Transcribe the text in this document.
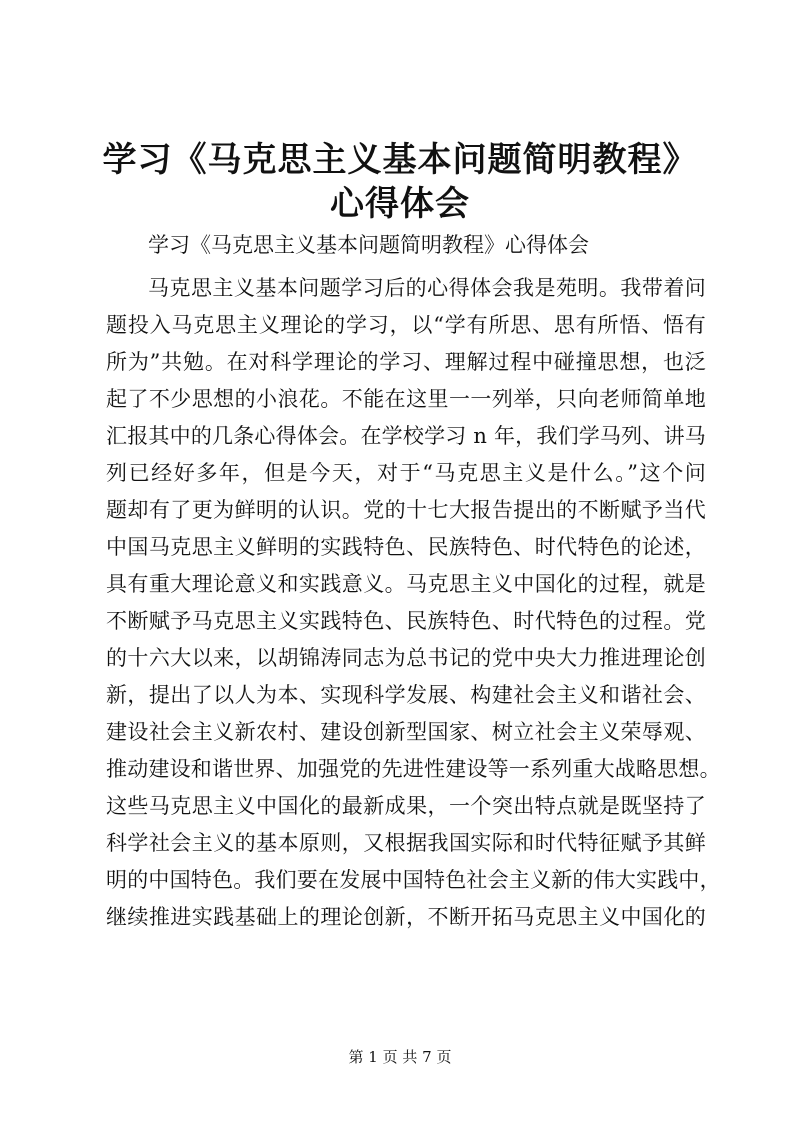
学习《马克思主义基本问题简明教程》心得体会
学习《马克思主义基本问题简明教程》心得体会
马克思主义基本问题学习后的心得体会我是苑明。我带着问
题投入马克思主义理论的学习，以“学有所思、思有所悟、悟有
所为”共勉。在对科学理论的学习、理解过程中碰撞思想，也泛
起了不少思想的小浪花。不能在这里一一列举，只向老师简单地
汇报其中的几条心得体会。在学校学习 n 年，我们学马列、讲马
列已经好多年，但是今天，对于“马克思主义是什么。”这个问
题却有了更为鲜明的认识。党的十七大报告提出的不断赋予当代
中国马克思主义鲜明的实践特色、民族特色、时代特色的论述，
具有重大理论意义和实践意义。马克思主义中国化的过程，就是
不断赋予马克思主义实践特色、民族特色、时代特色的过程。党
的十六大以来，以胡锦涛同志为总书记的党中央大力推进理论创
新，提出了以人为本、实现科学发展、构建社会主义和谐社会、
建设社会主义新农村、建设创新型国家、树立社会主义荣辱观、
推动建设和谐世界、加强党的先进性建设等一系列重大战略思想。
这些马克思主义中国化的最新成果，一个突出特点就是既坚持了
科学社会主义的基本原则，又根据我国实际和时代特征赋予其鲜
明的中国特色。我们要在发展中国特色社会主义新的伟大实践中，
继续推进实践基础上的理论创新，不断开拓马克思主义中国化的
第 1 页 共 7 页
